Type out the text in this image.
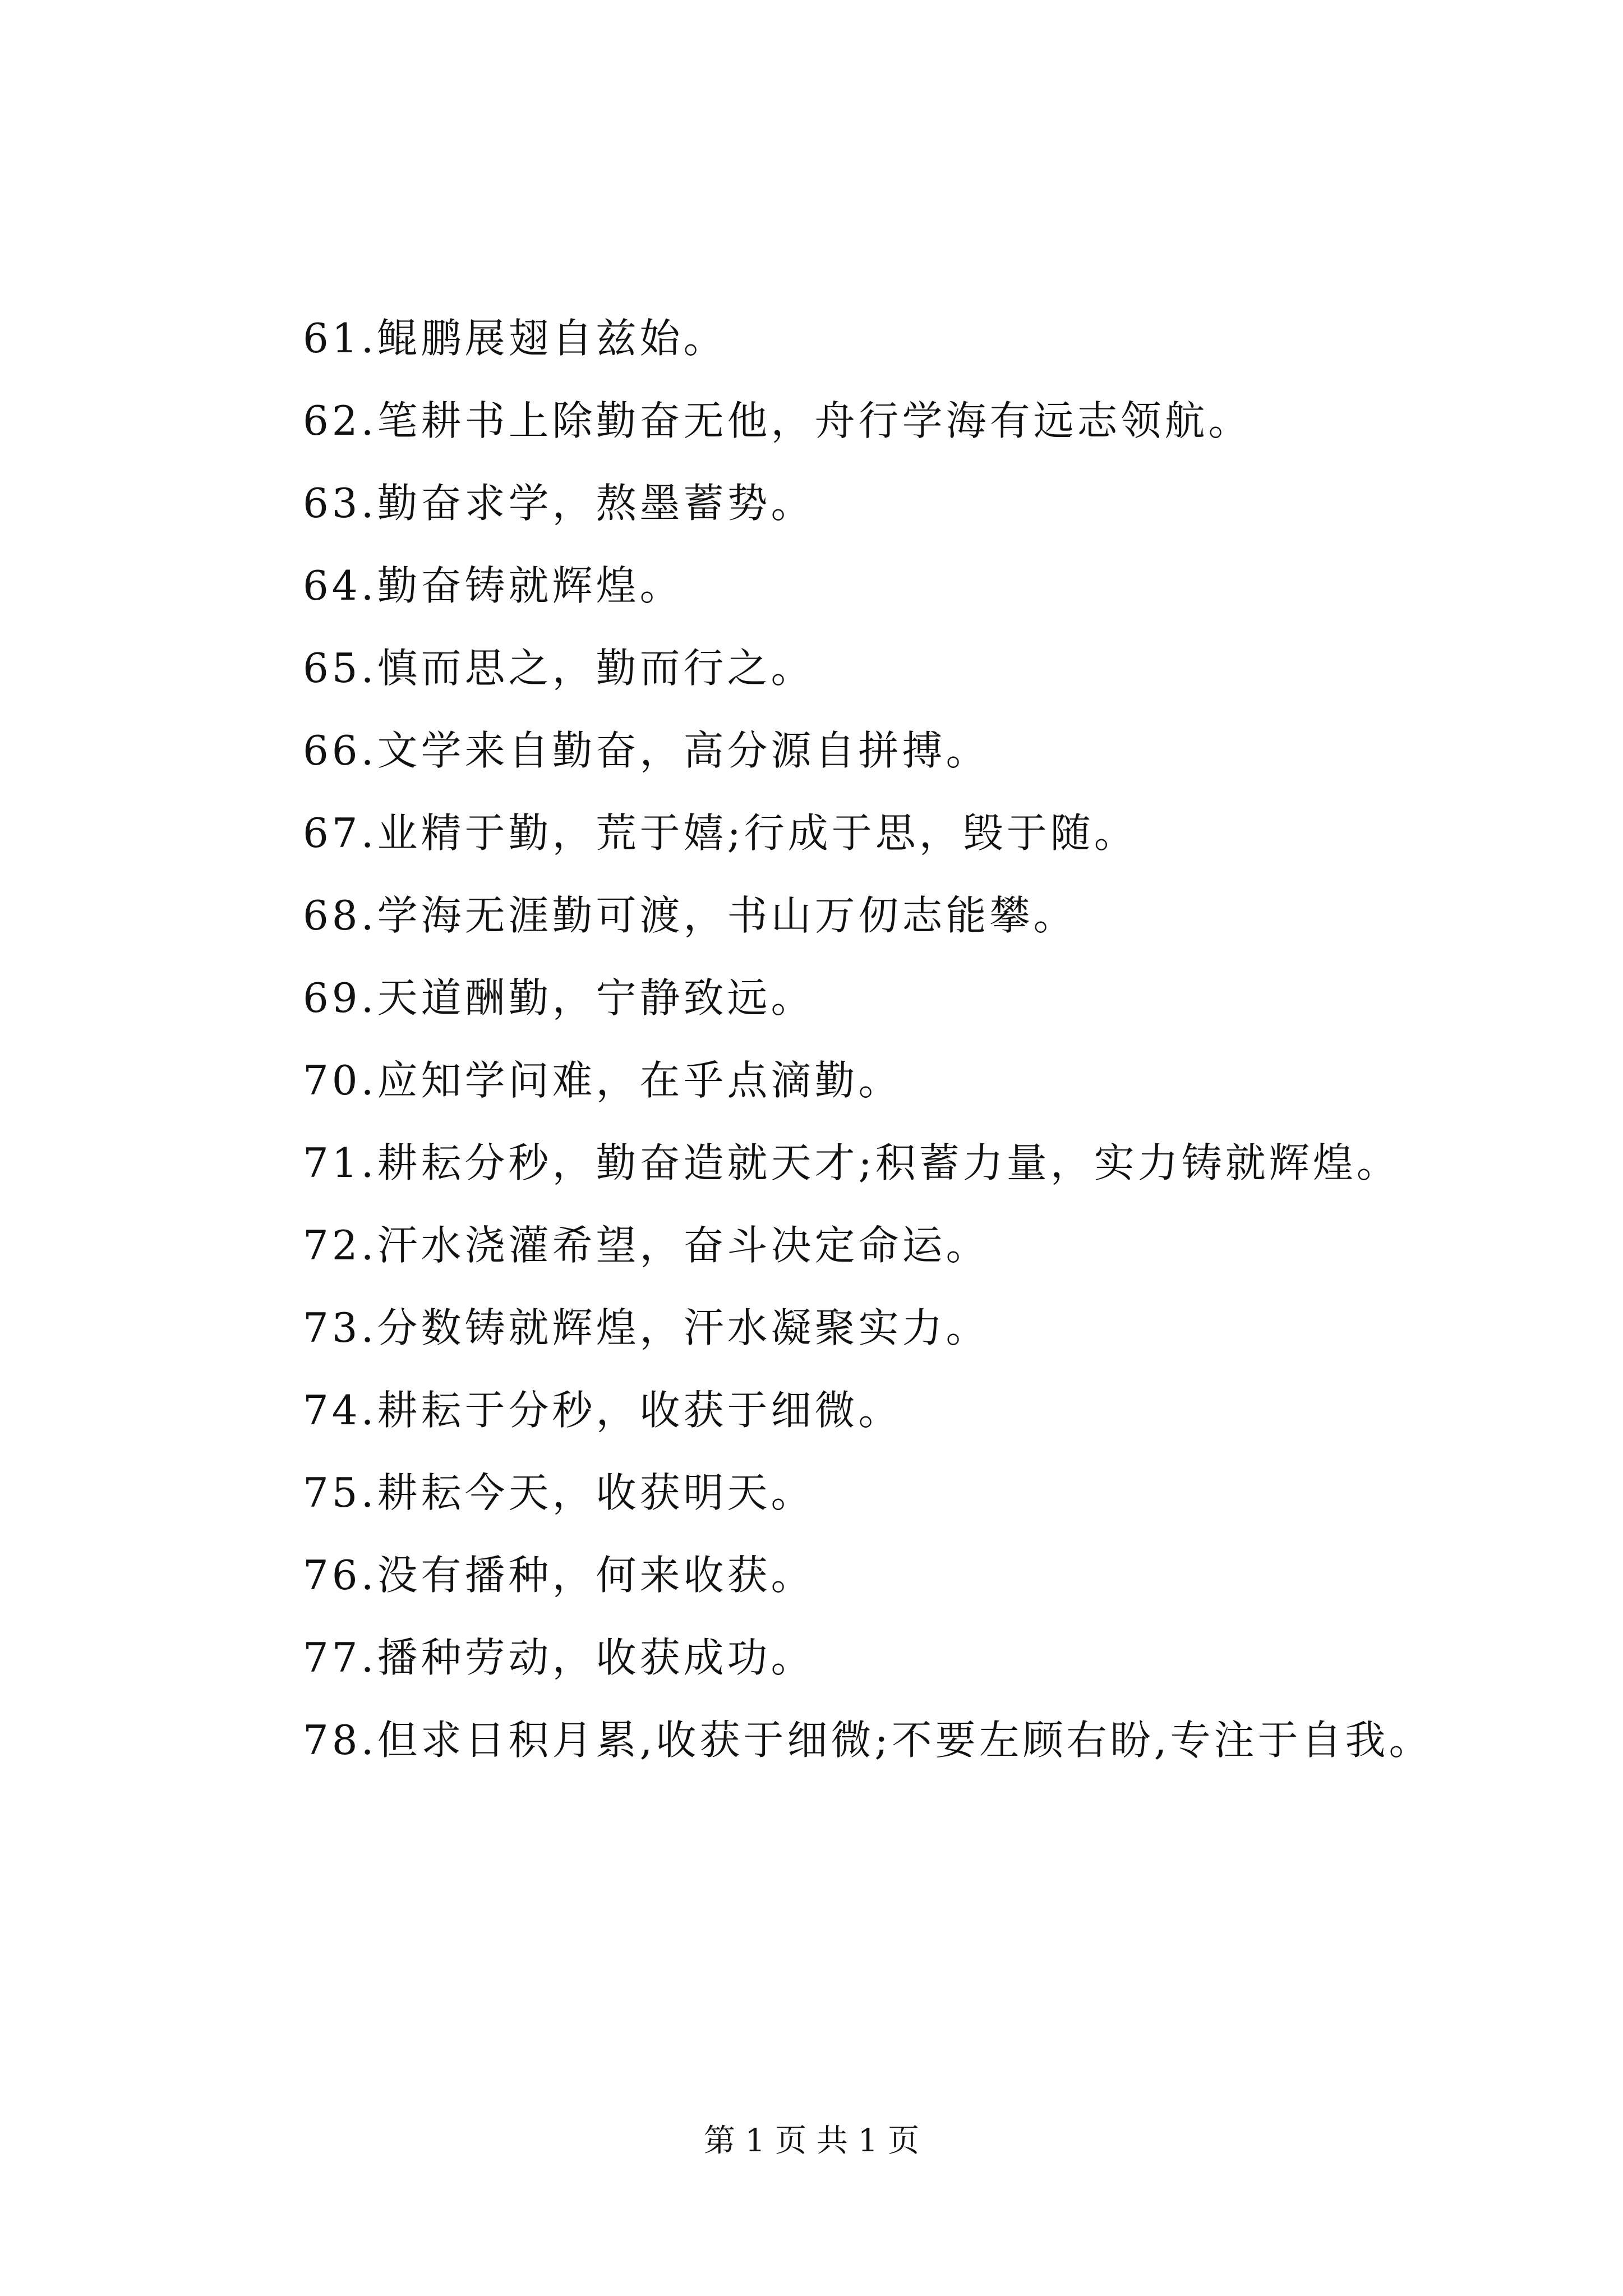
61.鲲鹏展翅自兹始。
62.笔耕书上除勤奋无他，舟行学海有远志领航。
63.勤奋求学，熬墨蓄势。
64.勤奋铸就辉煌。
65.慎而思之，勤而行之。
66.文学来自勤奋，高分源自拼搏。
67.业精于勤，荒于嬉;行成于思，毁于随。
68.学海无涯勤可渡，书山万仞志能攀。
69.天道酬勤，宁静致远。
70.应知学问难，在乎点滴勤。
71.耕耘分秒，勤奋造就天才;积蓄力量，实力铸就辉煌。
72.汗水浇灌希望，奋斗决定命运。
73.分数铸就辉煌，汗水凝聚实力。
74.耕耘于分秒，收获于细微。
75.耕耘今天，收获明天。
76.没有播种，何来收获。
77.播种劳动，收获成功。
78.但求日积月累,收获于细微;不要左顾右盼,专注于自我。
第 1 页 共 1 页
